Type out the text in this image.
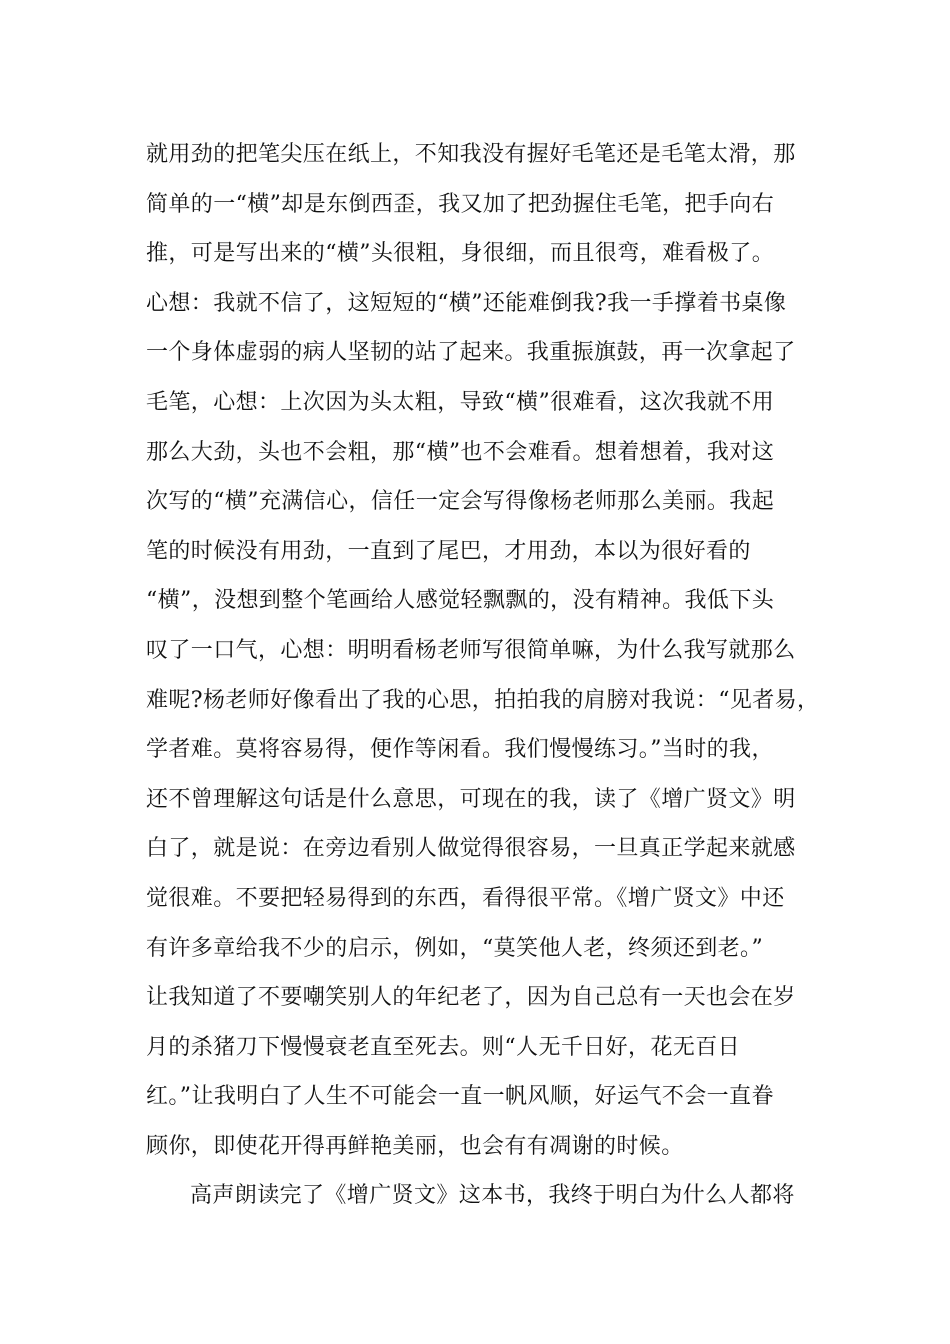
就用劲的把笔尖压在纸上，不知我没有握好毛笔还是毛笔太滑，那
简单的一“横”却是东倒西歪，我又加了把劲握住毛笔，把手向右
推，可是写出来的“横”头很粗，身很细，而且很弯，难看极了。
心想：我就不信了，这短短的“横”还能难倒我?我一手撑着书桌像
一个身体虚弱的病人坚韧的站了起来。我重振旗鼓，再一次拿起了
毛笔，心想：上次因为头太粗，导致“横”很难看，这次我就不用
那么大劲，头也不会粗，那“横”也不会难看。想着想着，我对这
次写的“横”充满信心，信任一定会写得像杨老师那么美丽。我起
笔的时候没有用劲，一直到了尾巴，才用劲，本以为很好看的
“横”，没想到整个笔画给人感觉轻飘飘的，没有精神。我低下头
叹了一口气，心想：明明看杨老师写很简单嘛，为什么我写就那么
难呢?杨老师好像看出了我的心思，拍拍我的肩膀对我说：“见者易，
学者难。莫将容易得，便作等闲看。我们慢慢练习。”当时的我，
还不曾理解这句话是什么意思，可现在的我，读了《增广贤文》明
白了，就是说：在旁边看别人做觉得很容易，一旦真正学起来就感
觉很难。不要把轻易得到的东西，看得很平常。《增广贤文》中还
有许多章给我不少的启示，例如，“莫笑他人老，终须还到老。”
让我知道了不要嘲笑别人的年纪老了，因为自己总有一天也会在岁
月的杀猪刀下慢慢衰老直至死去。则“人无千日好，花无百日
红。”让我明白了人生不可能会一直一帆风顺，好运气不会一直眷
顾你，即使花开得再鲜艳美丽，也会有有凋谢的时候。
高声朗读完了《增广贤文》这本书，我终于明白为什么人都将
